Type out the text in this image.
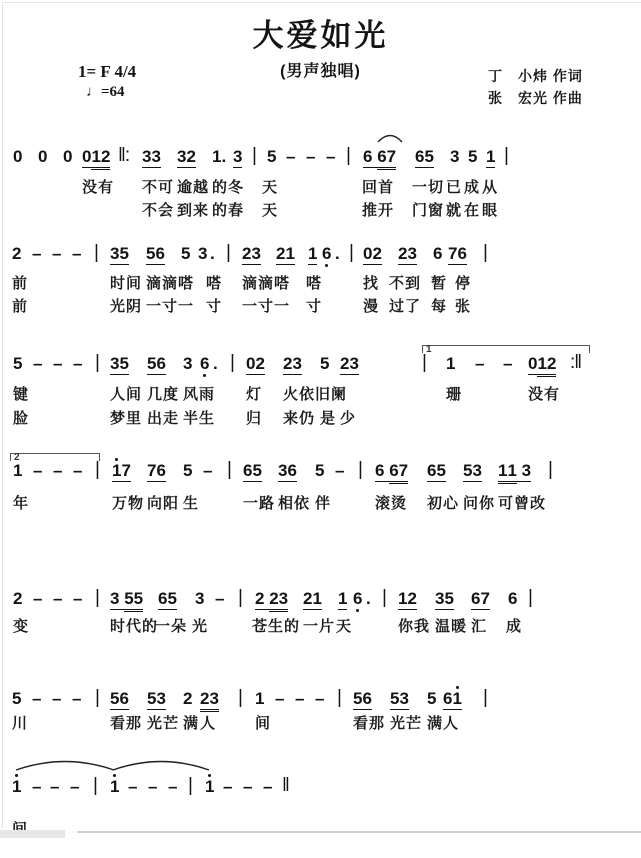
大爱如光
(男声独唱)
1= F 4/4
♩=64
丁　小炜 作词
张　宏光 作曲
0 0 0 012 ‖: 33 32 1. 3 | 5 – – – | 6 67 65 3 5 1 |
没有 不可 逾越 的冬 天	回首 一切 已 成 从
不会 到来 的春 天	推开 门窗 就 在 眼
2 – – – | 35 56 5 3 . | 23 21 1 6 . | 02 23 6 76 |
前	时间 滴滴 嗒 嗒 滴滴嗒 嗒	找 不到 暂 停
前	光阴 一寸 一 寸 一寸一 寸	漫 过了 每 张
5 – – – | 35 56 3 6 . | 02 23 5 23	| 1 – – 012 :‖
键	人间 几度 风雨 灯 火依 旧阑	珊	没有
脸	梦里 出走 半生 归 来仍 是 少
1
1 – – – | 17 76 5 – | 65 36 5 – | 6 67 65 53 11 3 |
年	万物 向阳 生	一路 相依 伴	滚烫 初心 问你 可曾改
2
2 – – – | 3 55 65 3 – | 2 23 21 1 6 . | 12 35 67 6 |
变	时代的
一朵 光	苍生的 一片 天	你我 温暖 汇 成
5 – – – | 56 53 2 23 | 1 – – – | 56 53 5 61 |
川	看那 光芒 满 人	间	看那 光芒 满 人
1 – – – | 1 – – – | 1 – – – ‖
